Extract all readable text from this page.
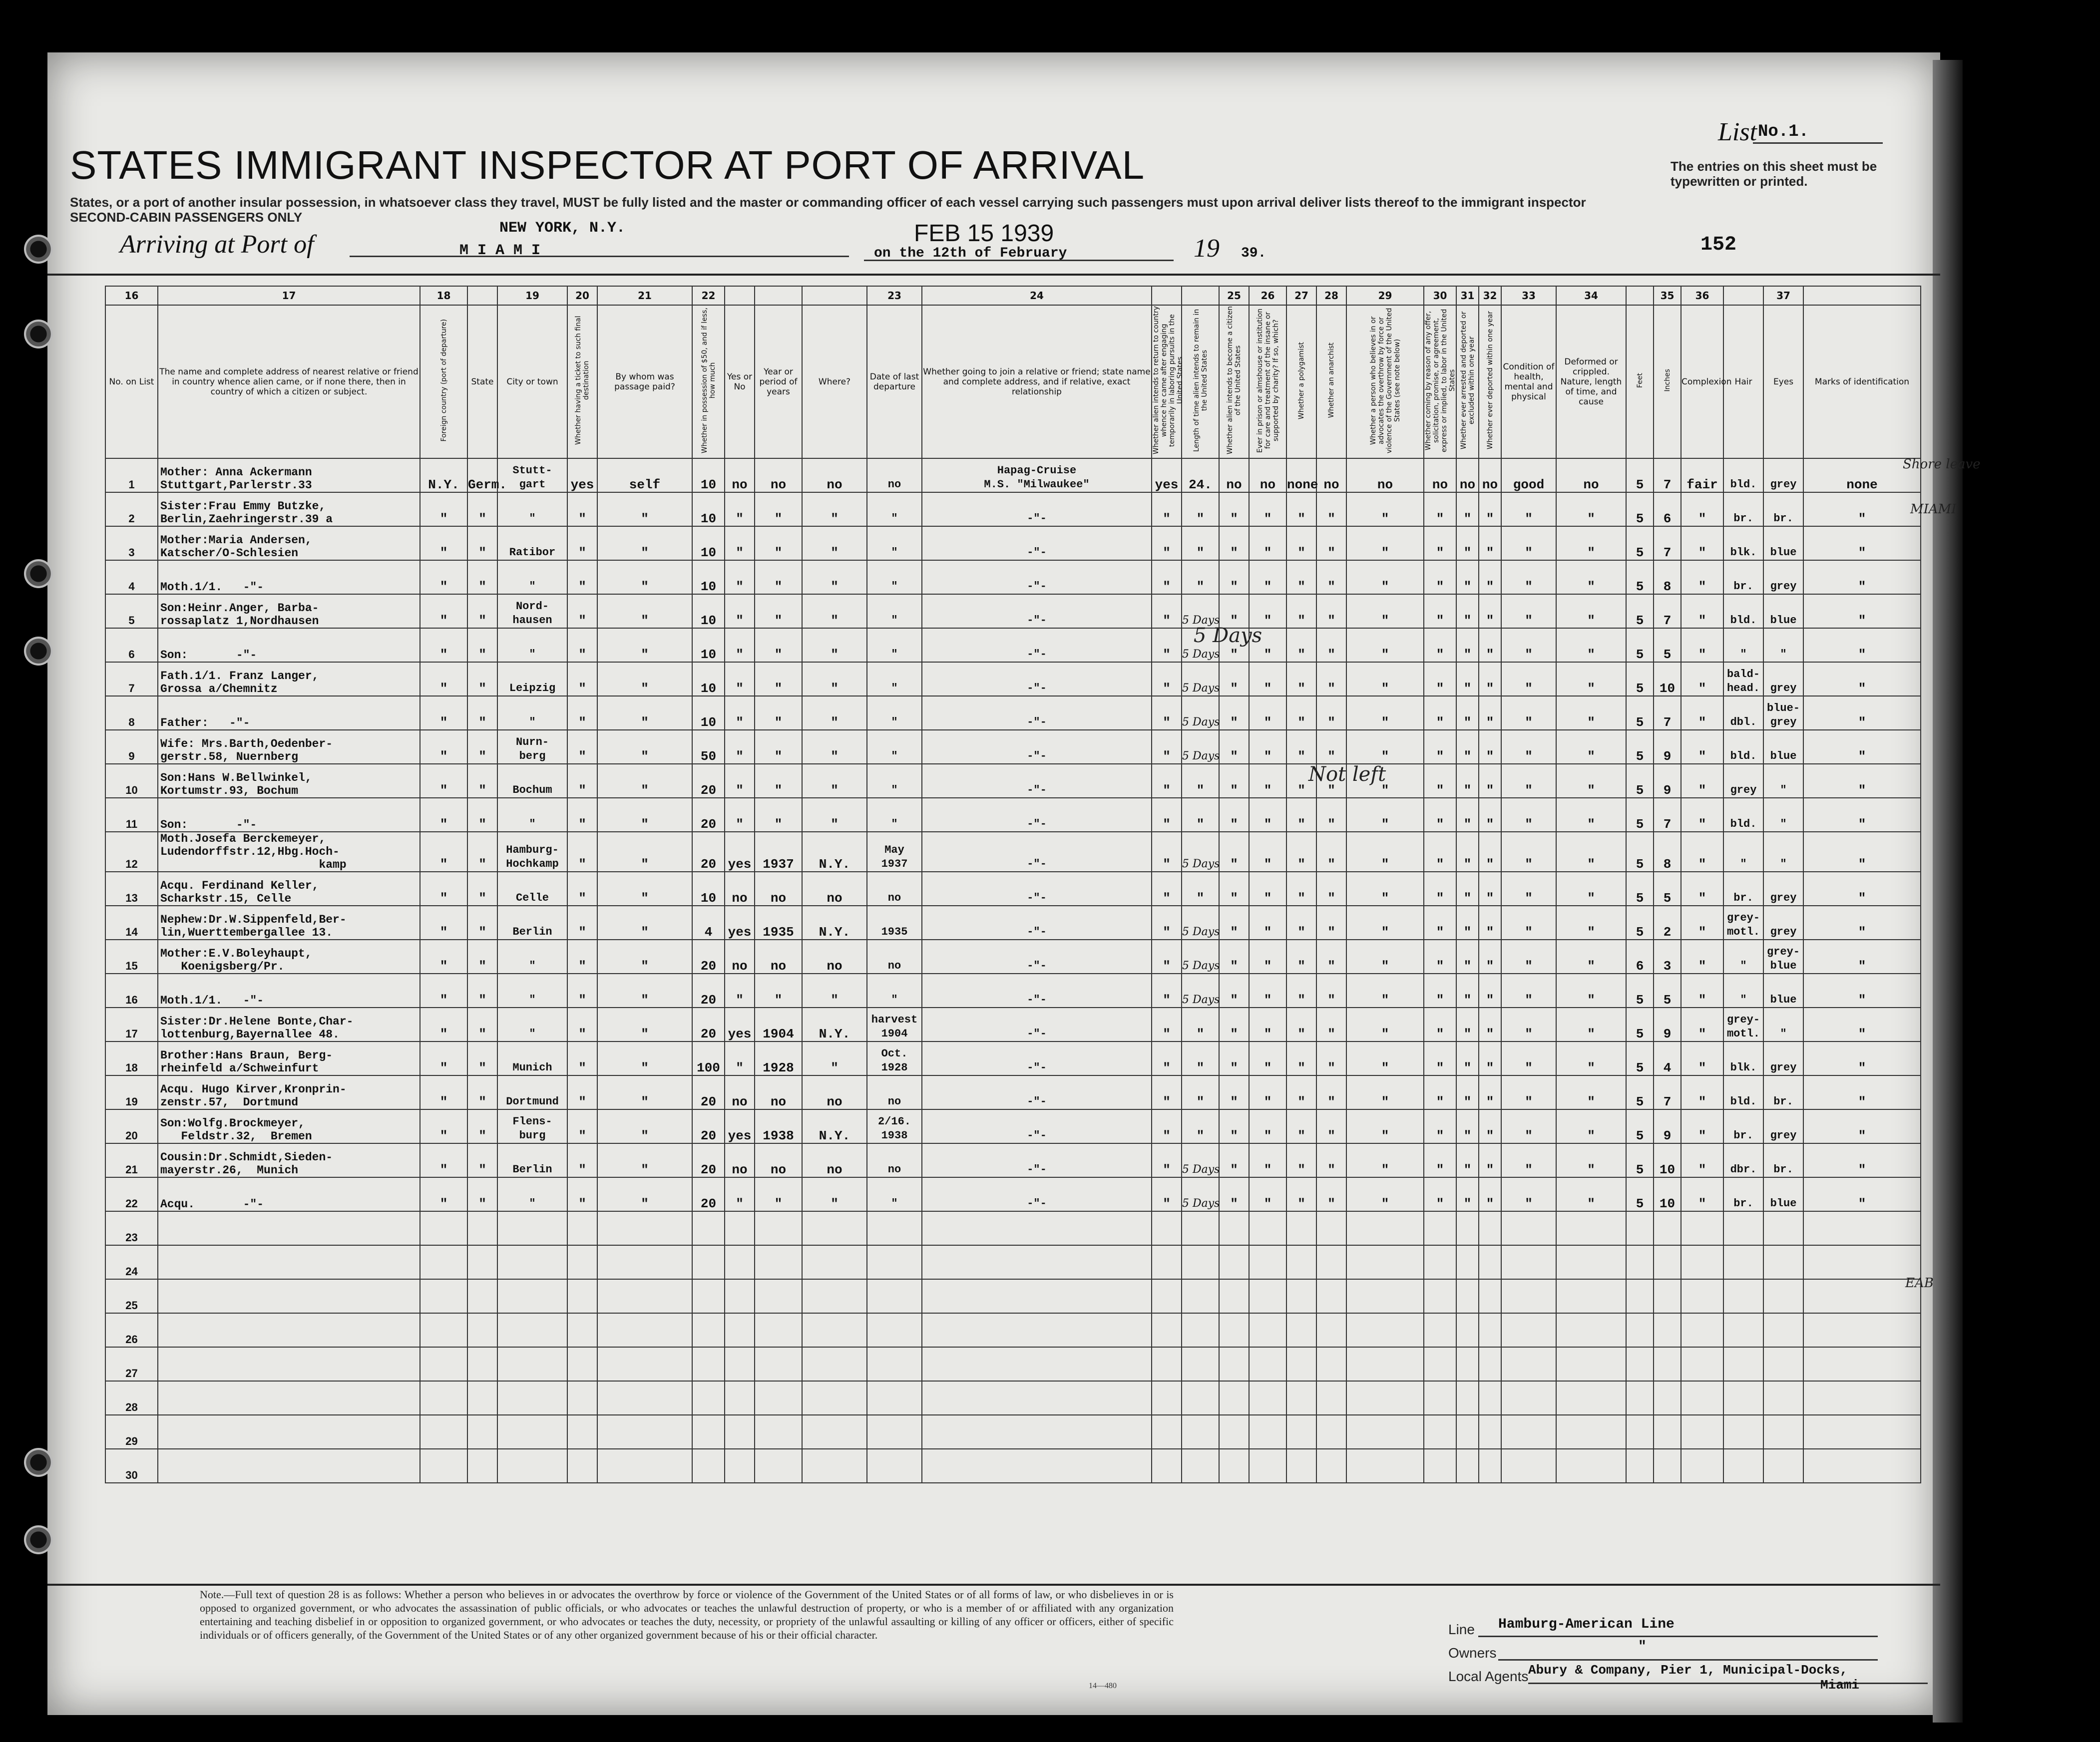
STATES IMMIGRANT INSPECTOR AT PORT OF ARRIVAL
States, or a port of another insular possession, in whatsoever class they travel, MUST be fully listed and the master or commanding officer of each vessel carrying such passengers must upon arrival deliver lists thereof to the immigrant inspector
SECOND-CABIN PASSENGERS ONLY
List No.1.
The entries on this sheet must be typewritten or printed.
Arriving at Port of
NEW YORK, N.Y.
MIAMI
FEB 15 1939
on the 12th of February	19 39.	152
16	17	18		19	20	21	22				23	24			25	26	27	28	29	30	31	32	33	34		35	36		37	
No. on List	The name and complete address of nearest relative or friend in country whence alien came, or if none there, then in country of which a citizen or subject.	Foreign country (port of departure)	State	City or town	Whether having a ticket to such final destination	By whom was passage paid?	Whether in possession of $50, and if less, how much	Yes or No	Year or period of years	Where?	Date of last departure	Whether going to join a relative or friend; state name and complete address, and if relative, exact relationship	Whether alien intends to return to country whence he came after engaging temporarily in laboring pursuits in the United States	Length of time alien intends to remain in the United States	Whether alien intends to become a citizen of the United States	Ever in prison or almshouse or institution for care and treatment of the insane or supported by charity? If so, which?	Whether a polygamist	Whether an anarchist	Whether a person who believes in or advocates the overthrow by force or violence of the Government of the United States (see note below)	Whether coming by reason of any offer, solicitation, promise, or agreement, express or implied, to labor in the United States	Whether ever arrested and deported or excluded within one year	Whether ever deported within one year	Condition of health, mental and physical	Deformed or crippled. Nature, length of time, and cause	Feet	Inches	Complexion	Hair	Eyes	Marks of identification
1	Mother: Anna Ackermann
Stuttgart,Parlerstr.33	N.Y.	Germ.	Stutt-
gart	yes	self	10	no	no	no	no	Hapag-Cruise
M.S. "Milwaukee"	yes	24.	no	no	none	no	no	no	no	no	good	no	5	7	fair	bld.	grey	none
2	Sister:Frau Emmy Butzke,
Berlin,Zaehringerstr.39 a	"	"	"	"	"	10	"	"	"	"	-"-	"	"	"	"	"	"	"	"	"	"	"	"	5	6	"	br.	br.	"
3	Mother:Maria Andersen,
Katscher/O-Schlesien	"	"	Ratibor	"	"	10	"	"	"	"	-"-	"	"	"	"	"	"	"	"	"	"	"	"	5	7	"	blk.	blue	"
4	Moth.1/1.   -"-	"	"	"	"	"	10	"	"	"	"	-"-	"	"	"	"	"	"	"	"	"	"	"	"	5	8	"	br.	grey	"
5	Son:Heinr.Anger, Barba-
rossaplatz 1,Nordhausen	"	"	Nord-
hausen	"	"	10	"	"	"	"	-"-	"	5 Days	"	"	"	"	"	"	"	"	"	"	5	7	"	bld.	blue	"
6	Son:       -"-	"	"	"	"	"	10	"	"	"	"	-"-	"	5 Days	"	"	"	"	"	"	"	"	"	"	5	5	"	"	"	"
7	Fath.1/1. Franz Langer,
Grossa a/Chemnitz	"	"	Leipzig	"	"	10	"	"	"	"	-"-	"	5 Days	"	"	"	"	"	"	"	"	"	"	5	10	"	bald-
head.	grey	"
8	Father:   -"-	"	"	"	"	"	10	"	"	"	"	-"-	"	5 Days	"	"	"	"	"	"	"	"	"	"	5	7	"	dbl.	blue-
grey	"
9	Wife: Mrs.Barth,Oedenber-
gerstr.58, Nuernberg	"	"	Nurn-
berg	"	"	50	"	"	"	"	-"-	"	5 Days	"	"	"	"	"	"	"	"	"	"	5	9	"	bld.	blue	"
10	Son:Hans W.Bellwinkel,
Kortumstr.93, Bochum	"	"	Bochum	"	"	20	"	"	"	"	-"-	"	"	"	"	"	"	"	"	"	"	"	"	5	9	"	grey	"	"
11	Son:       -"-	"	"	"	"	"	20	"	"	"	"	-"-	"	"	"	"	"	"	"	"	"	"	"	"	5	7	"	bld.	"	"
12	Moth.Josefa Berckemeyer,
Ludendorffstr.12,Hbg.Hoch-
kamp	"	"	Hamburg-
Hochkamp	"	"	20	yes	1937	N.Y.	May
1937	-"-	"	5 Days	"	"	"	"	"	"	"	"	"	"	5	8	"	"	"	"
13	Acqu. Ferdinand Keller,
Scharkstr.15, Celle	"	"	Celle	"	"	10	no	no	no	no	-"-	"	"	"	"	"	"	"	"	"	"	"	"	5	5	"	br.	grey	"
14	Nephew:Dr.W.Sippenfeld,Ber-
lin,Wuerttembergallee 13.	"	"	Berlin	"	"	4	yes	1935	N.Y.	1935	-"-	"	5 Days	"	"	"	"	"	"	"	"	"	"	5	2	"	grey-
motl.	grey	"
15	Mother:E.V.Boleyhaupt,
Koenigsberg/Pr.	"	"	"	"	"	20	no	no	no	no	-"-	"	5 Days	"	"	"	"	"	"	"	"	"	"	6	3	"	"	grey-
blue	"
16	Moth.1/1.   -"-	"	"	"	"	"	20	"	"	"	"	-"-	"	5 Days	"	"	"	"	"	"	"	"	"	"	5	5	"	"	blue	"
17	Sister:Dr.Helene Bonte,Char-
lottenburg,Bayernallee 48.	"	"	"	"	"	20	yes	1904	N.Y.	harvest
1904	-"-	"	"	"	"	"	"	"	"	"	"	"	"	5	9	"	grey-
motl.	"	"
18	Brother:Hans Braun, Berg-
rheinfeld a/Schweinfurt	"	"	Munich	"	"	100	"	1928	"	Oct.
1928	-"-	"	"	"	"	"	"	"	"	"	"	"	"	5	4	"	blk.	grey	"
19	Acqu. Hugo Kirver,Kronprin-
zenstr.57,  Dortmund	"	"	Dortmund	"	"	20	no	no	no	no	-"-	"	"	"	"	"	"	"	"	"	"	"	"	5	7	"	bld.	br.	"
20	Son:Wolfg.Brockmeyer,
Feldstr.32,  Bremen	"	"	Flens-
burg	"	"	20	yes	1938	N.Y.	2/16.
1938	-"-	"	"	"	"	"	"	"	"	"	"	"	"	5	9	"	br.	grey	"
21	Cousin:Dr.Schmidt,Sieden-
mayerstr.26,  Munich	"	"	Berlin	"	"	20	no	no	no	no	-"-	"	5 Days	"	"	"	"	"	"	"	"	"	"	5	10	"	dbr.	br.	"
22	Acqu.       -"-	"	"	"	"	"	20	"	"	"	"	-"-	"	5 Days	"	"	"	"	"	"	"	"	"	"	5	10	"	br.	blue	"
23																														
24																														
25																														
26																														
27																														
28																														
29																														
30																														
5 Days
Shore leave
MIAMI
Not left
EAB
Note.—Full text of question 28 is as follows: Whether a person who believes in or advocates the overthrow by force or violence of the Government of the United States or of all forms of law, or who disbelieves in or is opposed to organized government, or who advocates the assassination of public officials, or who advocates or teaches the unlawful destruction of property, or who is a member of or affiliated with any organization entertaining and teaching disbelief in or opposition to organized government, or who advocates or teaches the duty, necessity, or propriety of the unlawful assaulting or killing of any officer or officers, either of specific individuals or of officers generally, of the Government of the United States or of any other organized government because of his or their official character.
14—480
Line Hamburg-American Line
Owners	"
Local Agents Abury & Company, Pier 1, Municipal-Docks,
Miami
